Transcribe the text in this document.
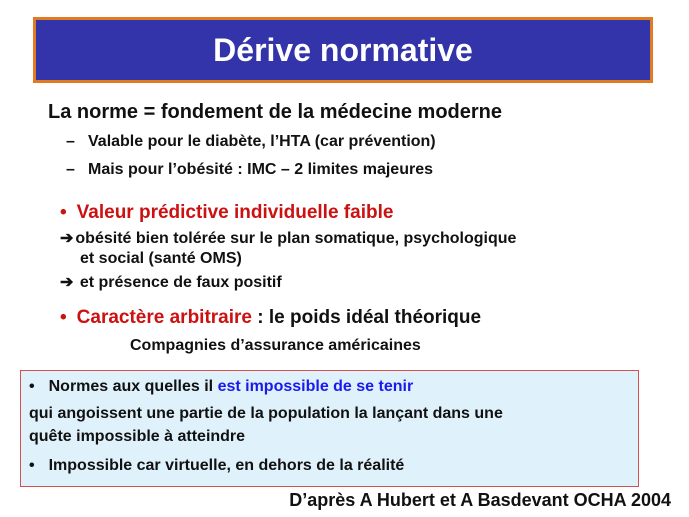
Dérive normative
La norme = fondement de la médecine moderne
– Valable pour le diabète, l’HTA (car prévention)
– Mais pour l’obésité : IMC – 2 limites majeures
• Valeur prédictive individuelle faible
➔ obésité bien tolérée sur le plan somatique, psychologique
et social (santé OMS)
➔ et présence de faux positif
• Caractère arbitraire : le poids idéal théorique
Compagnies d’assurance américaines
• Normes aux quelles il est impossible de se tenir
qui angoissent une partie de la population la lançant dans une
quête impossible à atteindre
• Impossible car virtuelle, en dehors de la réalité
D’après A Hubert et A Basdevant OCHA 2004
